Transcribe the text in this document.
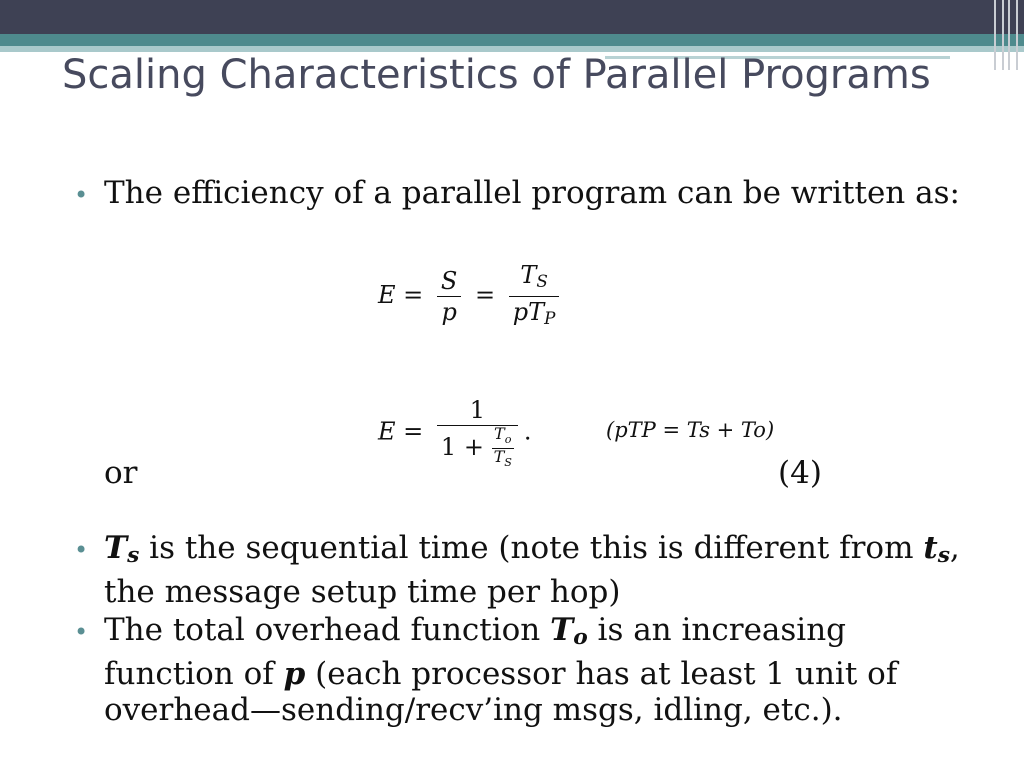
Scaling Characteristics of Parallel Programs
• The efficiency of a parallel program can be written as:
$E = \frac{S}{p} = \frac{T_S}{pT_P}$
$E = \frac{1}{1 + \frac{T_o}{T_S}}$ .	(pTP = Ts + To)
or	(4)
• Ts is the sequential time (note this is different from ts, the message setup time per hop)
• The total overhead function To is an increasing function of p (each processor has at least 1 unit of overhead—sending/recv’ing msgs, idling, etc.).
